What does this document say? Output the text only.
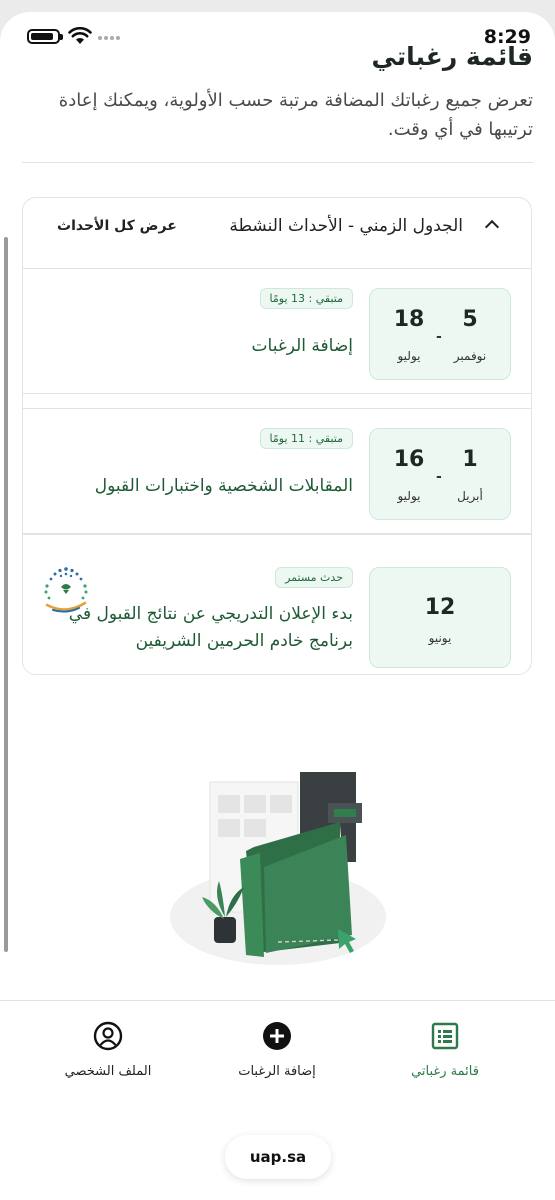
8:29
قائمة رغباتي
تعرض جميع رغباتك المضافة مرتبة حسب الأولوية، ويمكنك إعادة ترتيبها في أي وقت.
الجدول الزمني - الأحداث النشطة
عرض كل الأحداث
5
نوفمبر
-
18
يوليو
متبقي : 13 يومًا
إضافة الرغبات
1
أبريل
-
16
يوليو
متبقي : 11 يومًا
المقابلات الشخصية واختبارات القبول
12
يونيو
حدث مستمر
بدء الإعلان التدريجي عن نتائج القبول في برنامج خادم الحرمين الشريفين
قائمة رغباتي
إضافة الرغبات
الملف الشخصي
uap.sa
